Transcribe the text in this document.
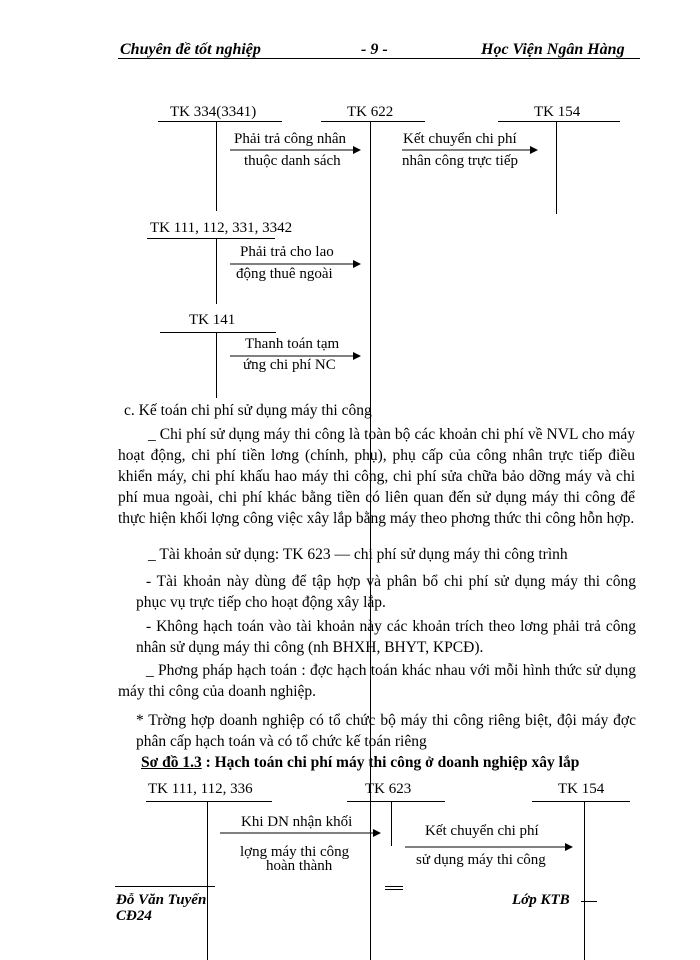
Chuyên đề tốt nghiệp	- 9 -	Học Viện Ngân Hàng
TK 334(3341)	TK 622	TK 154
Phải trả công nhân
thuộc danh sách
Kết chuyển chi phí
nhân công trực tiếp
TK 111, 112, 331, 3342
Phải trả cho lao
động thuê ngoài
TK 141
Thanh toán tạm
ứng chi phí NC
c. Kế toán chi phí sử dụng máy thi công
_ Chi phí sử dụng máy thi công là toàn bộ các khoản chi phí về NVL cho máy hoạt động, chi phí tiền lơng (chính, phụ), phụ cấp của công nhân trực tiếp điều khiển máy, chi phí khấu hao máy thi công, chi phí sửa chữa bảo dỡng máy và chi phí mua ngoài, chi phí khác bằng tiền có liên quan đến sử dụng máy thi công để thực hiện khối lợng công việc xây lắp bằng máy theo phơng thức thi công hỗn hợp.
_ Tài khoản sử dụng: TK 623 — chi phí sử dụng máy thi công trình
- Tài khoản này dùng để tập hợp và phân bổ chi phí sử dụng máy thi công phục vụ trực tiếp cho hoạt động xây lắp.
- Không hạch toán vào tài khoản này các khoản trích theo lơng phải trả công nhân sử dụng máy thi công (nh BHXH, BHYT, KPCĐ).
_ Phơng pháp hạch toán : đợc hạch toán khác nhau với mỗi hình thức sử dụng máy thi công của doanh nghiệp.
* Trờng hợp doanh nghiệp có tổ chức bộ máy thi công riêng biệt, đội máy đợc phân cấp hạch toán và có tổ chức kế toán riêng
Sơ đồ 1.3 : Hạch toán chi phí máy thi công ở doanh nghiệp xây lắp
TK 111, 112, 336	TK 623	TK 154
Khi DN nhận khối
lợng máy thi công
hoàn thành
Kết chuyển chi phí
sử dụng máy thi công
Đỗ Văn Tuyến
CĐ24
Lớp KTB
